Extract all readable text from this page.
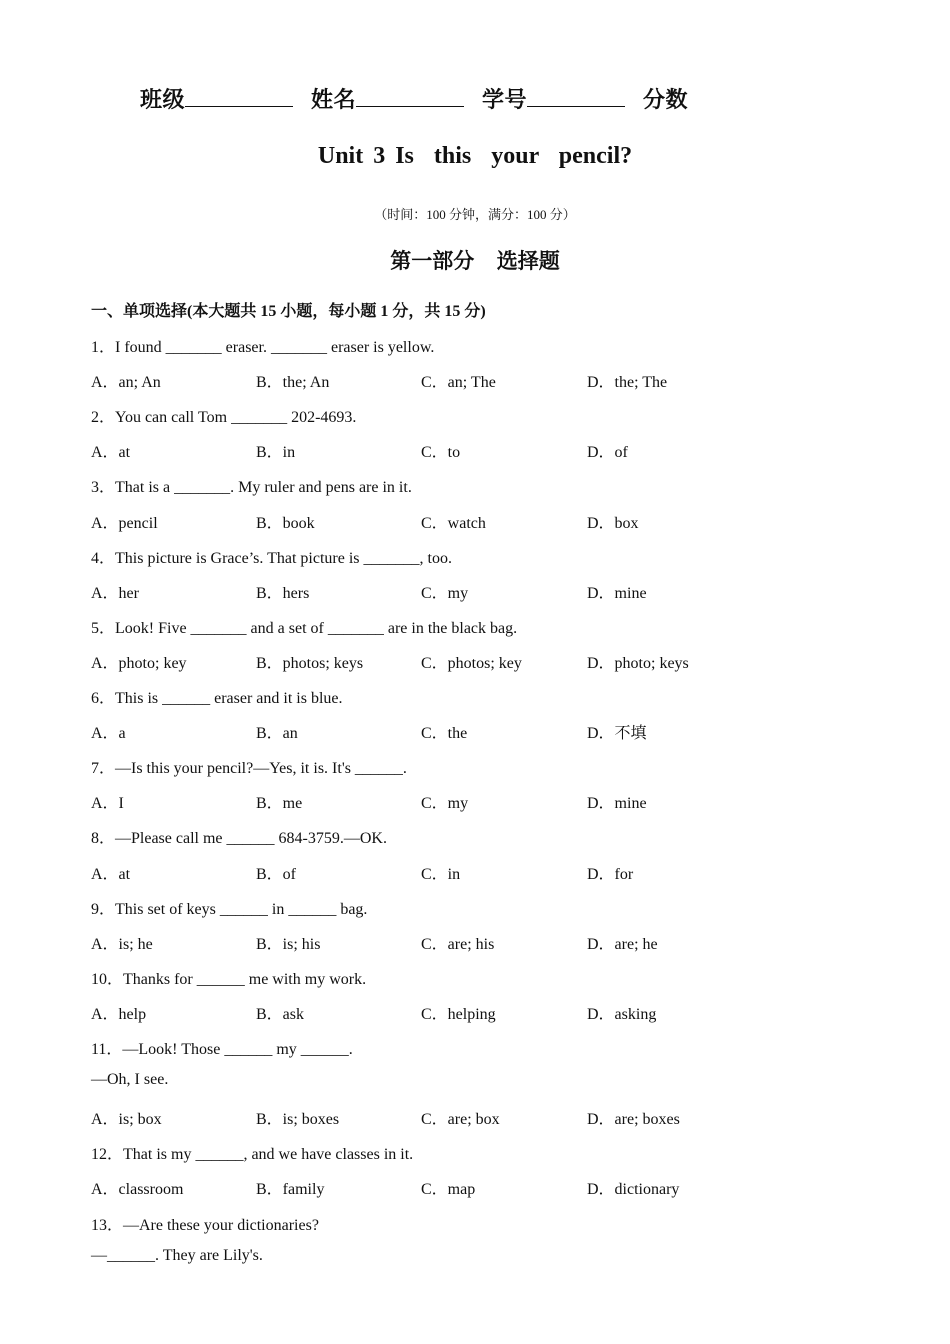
班级	姓名	学号	分数
Unit 3 Is  this  your  pencil?
（时间：100 分钟，满分：100 分）
第一部分  选择题
一、单项选择(本大题共 15 小题，每小题 1 分，共 15 分)
1．I found _______ eraser. _______ eraser is yellow.
A．an; An	B．the; An	C．an; The	D．the; The
2．You can call Tom _______ 202-4693.
A．at	B．in	C．to	D．of
3．That is a _______. My ruler and pens are in it.
A．pencil	B．book	C．watch	D．box
4．This picture is Grace’s. That picture is _______, too.
A．her	B．hers	C．my	D．mine
5．Look! Five _______ and a set of _______ are in the black bag.
A．photo; key	B．photos; keys	C．photos; key	D．photo; keys
6．This is ______ eraser and it is blue.
A．a	B．an	C．the	D．不填
7．—Is this your pencil?—Yes, it is. It's ______.
A．I	B．me	C．my	D．mine
8．—Please call me ______ 684-3759.—OK.
A．at	B．of	C．in	D．for
9．This set of keys ______ in ______ bag.
A．is; he	B．is; his	C．are; his	D．are; he
10．Thanks for ______ me with my work.
A．help	B．ask	C．helping	D．asking
11．—Look! Those ______ my ______.
—Oh, I see.
A．is; box	B．is; boxes	C．are; box	D．are; boxes
12．That is my ______, and we have classes in it.
A．classroom	B．family	C．map	D．dictionary
13．—Are these your dictionaries?
—______. They are Lily's.
